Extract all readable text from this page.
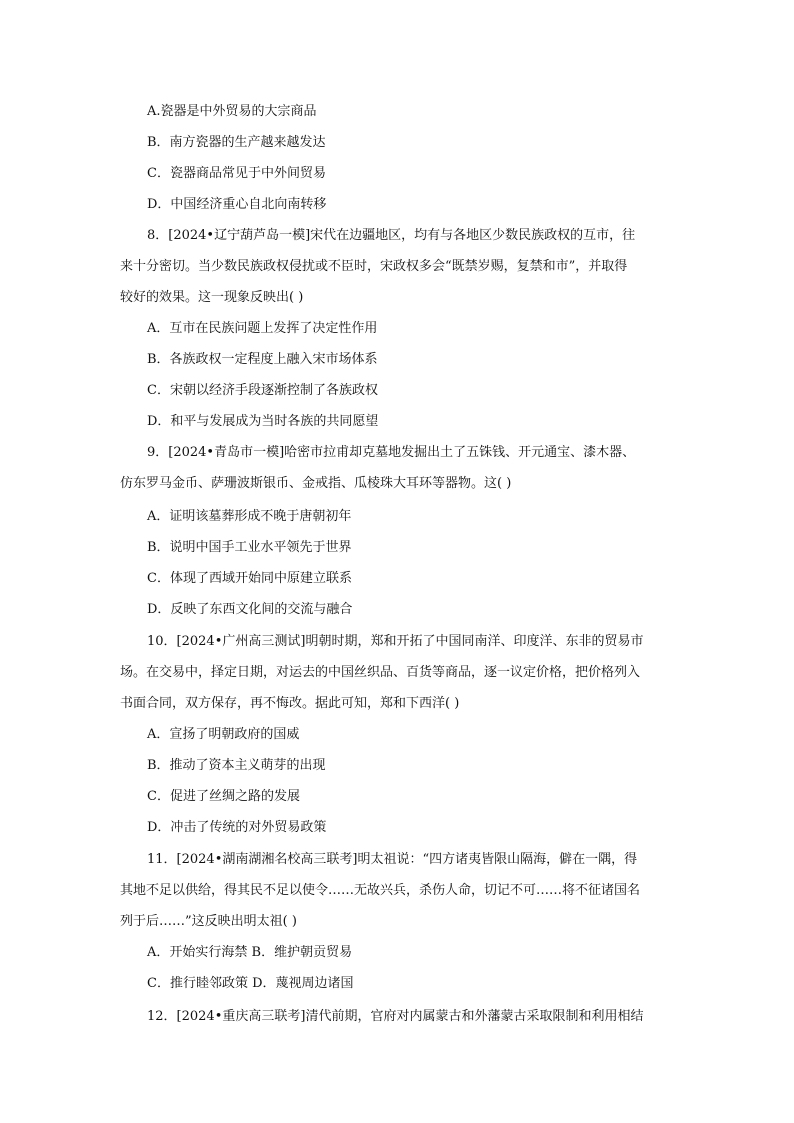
A.瓷器是中外贸易的大宗商品
B．南方瓷器的生产越来越发达
C．瓷器商品常见于中外间贸易
D．中国经济重心自北向南转移
8．[2024•辽宁葫芦岛一模]宋代在边疆地区，均有与各地区少数民族政权的互市，往
来十分密切。当少数民族政权侵扰或不臣时，宋政权多会“既禁岁赐，复禁和市”，并取得
较好的效果。这一现象反映出( )
A．互市在民族问题上发挥了决定性作用
B．各族政权一定程度上融入宋市场体系
C．宋朝以经济手段逐渐控制了各族政权
D．和平与发展成为当时各族的共同愿望
9．[2024•青岛市一模]哈密市拉甫却克墓地发掘出土了五铢钱、开元通宝、漆木器、
仿东罗马金币、萨珊波斯银币、金戒指、瓜棱珠大耳环等器物。这( )
A．证明该墓葬形成不晚于唐朝初年
B．说明中国手工业水平领先于世界
C．体现了西域开始同中原建立联系
D．反映了东西文化间的交流与融合
10．[2024•广州高三测试]明朝时期，郑和开拓了中国同南洋、印度洋、东非的贸易市
场。在交易中，择定日期，对运去的中国丝织品、百货等商品，逐一议定价格，把价格列入
书面合同，双方保存，再不悔改。据此可知，郑和下西洋( )
A．宣扬了明朝政府的国威
B．推动了资本主义萌芽的出现
C．促进了丝绸之路的发展
D．冲击了传统的对外贸易政策
11．[2024•湖南湖湘名校高三联考]明太祖说：“四方诸夷皆限山隔海，僻在一隅，得
其地不足以供给，得其民不足以使令……无故兴兵，杀伤人命，切记不可……将不征诸国名
列于后……”这反映出明太祖( )
A．开始实行海禁 B．维护朝贡贸易
C．推行睦邻政策 D．蔑视周边诸国
12．[2024•重庆高三联考]清代前期，官府对内属蒙古和外藩蒙古采取限制和利用相结
